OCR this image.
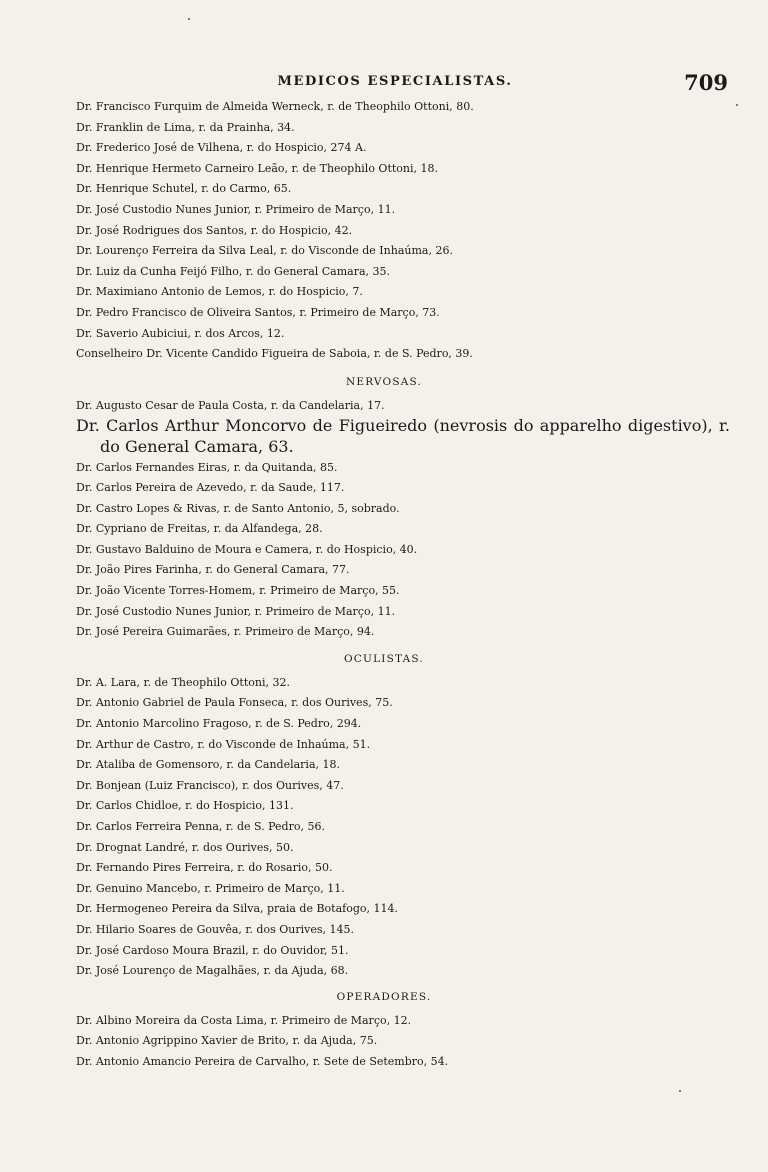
MEDICOS ESPECIALISTAS.	709
Dr. Francisco Furquim de Almeida Werneck, r. de Theophilo Ottoni, 80.
Dr. Franklin de Lima, r. da Prainha, 34.
Dr. Frederico José de Vilhena, r. do Hospicio, 274 A.
Dr. Henrique Hermeto Carneiro Leão, r. de Theophilo Ottoni, 18.
Dr. Henrique Schutel, r. do Carmo, 65.
Dr. José Custodio Nunes Junior, r. Primeiro de Março, 11.
Dr. José Rodrigues dos Santos, r. do Hospicio, 42.
Dr. Lourenço Ferreira da Silva Leal, r. do Visconde de Inhaúma, 26.
Dr. Luiz da Cunha Feijó Filho, r. do General Camara, 35.
Dr. Maximiano Antonio de Lemos, r. do Hospicio, 7.
Dr. Pedro Francisco de Oliveira Santos, r. Primeiro de Março, 73.
Dr. Saverio Aubiciui, r. dos Arcos, 12.
Conselheiro Dr. Vicente Candido Figueira de Saboia, r. de S. Pedro, 39.
NERVOSAS.
Dr. Augusto Cesar de Paula Costa, r. da Candelaria, 17.
Dr. Carlos Arthur Moncorvo de Figueiredo (nevrosis do apparelho digestivo), r. do General Camara, 63.
Dr. Carlos Fernandes Eiras, r. da Quitanda, 85.
Dr. Carlos Pereira de Azevedo, r. da Saude, 117.
Dr. Castro Lopes & Rivas, r. de Santo Antonio, 5, sobrado.
Dr. Cypriano de Freitas, r. da Alfandega, 28.
Dr. Gustavo Balduino de Moura e Camera, r. do Hospicio, 40.
Dr. João Pires Farinha, r. do General Camara, 77.
Dr. João Vicente Torres-Homem, r. Primeiro de Março, 55.
Dr. José Custodio Nunes Junior, r. Primeiro de Março, 11.
Dr. José Pereira Guimarães, r. Primeiro de Março, 94.
OCULISTAS.
Dr. A. Lara, r. de Theophilo Ottoni, 32.
Dr. Antonio Gabriel de Paula Fonseca, r. dos Ourives, 75.
Dr. Antonio Marcolino Fragoso, r. de S. Pedro, 294.
Dr. Arthur de Castro, r. do Visconde de Inhaúma, 51.
Dr. Ataliba de Gomensoro, r. da Candelaria, 18.
Dr. Bonjean (Luiz Francisco), r. dos Ourives, 47.
Dr. Carlos Chidloe, r. do Hospicio, 131.
Dr. Carlos Ferreira Penna, r. de S. Pedro, 56.
Dr. Drognat Landré, r. dos Ourives, 50.
Dr. Fernando Pires Ferreira, r. do Rosario, 50.
Dr. Genuino Mancebo, r. Primeiro de Março, 11.
Dr. Hermogeneo Pereira da Silva, praia de Botafogo, 114.
Dr. Hilario Soares de Gouvêa, r. dos Ourives, 145.
Dr. José Cardoso Moura Brazil, r. do Ouvidor, 51.
Dr. José Lourenço de Magalhães, r. da Ajuda, 68.
OPERADORES.
Dr. Albino Moreira da Costa Lima, r. Primeiro de Março, 12.
Dr. Antonio Agrippino Xavier de Brito, r. da Ajuda, 75.
Dr. Antonio Amancio Pereira de Carvalho, r. Sete de Setembro, 54.
